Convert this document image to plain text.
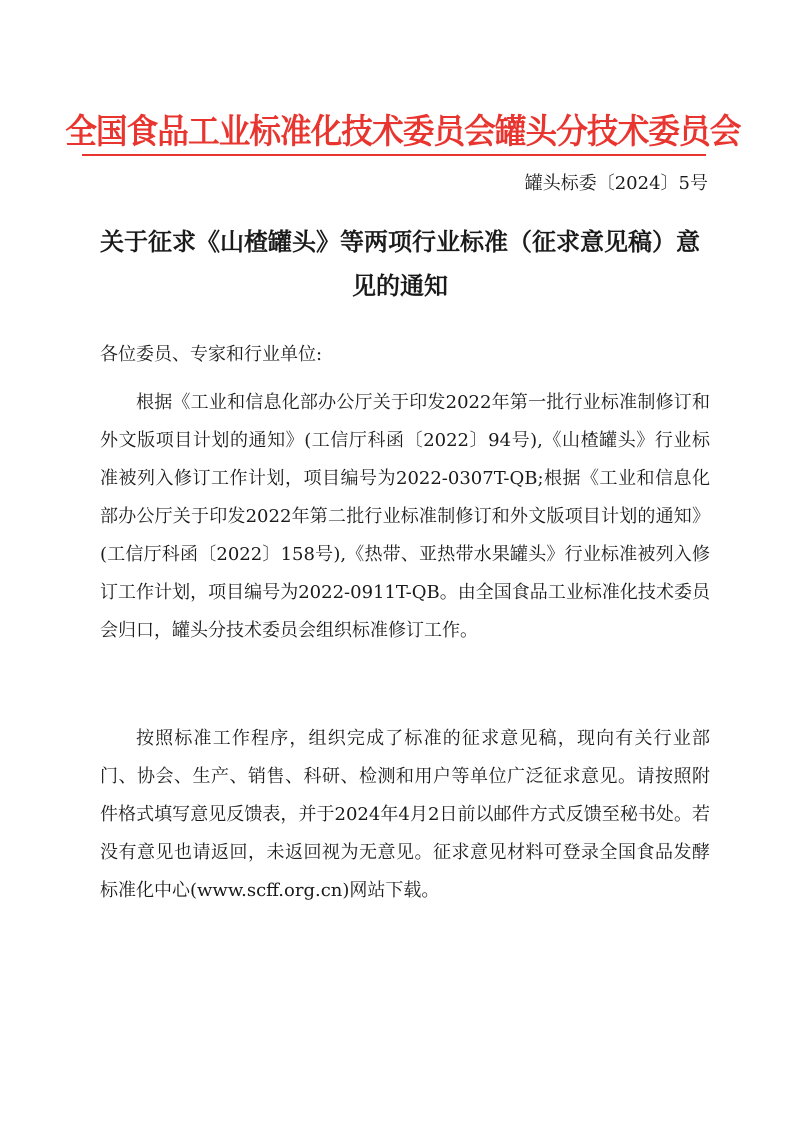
全国食品工业标准化技术委员会罐头分技术委员会
罐头标委〔2024〕5号
关于征求《山楂罐头》等两项行业标准（征求意见稿）意见的通知
各位委员、专家和行业单位:
根据《工业和信息化部办公厅关于印发2022年第一批行业标准制修订和外文版项目计划的通知》(工信厅科函〔2022〕94号),《山楂罐头》行业标准被列入修订工作计划，项目编号为2022-0307T-QB;根据《工业和信息化部办公厅关于印发2022年第二批行业标准制修订和外文版项目计划的通知》(工信厅科函〔2022〕158号),《热带、亚热带水果罐头》行业标准被列入修订工作计划，项目编号为2022-0911T-QB。由全国食品工业标准化技术委员会归口，罐头分技术委员会组织标准修订工作。
按照标准工作程序，组织完成了标准的征求意见稿，现向有关行业部门、协会、生产、销售、科研、检测和用户等单位广泛征求意见。请按照附件格式填写意见反馈表，并于2024年4月2日前以邮件方式反馈至秘书处。若没有意见也请返回，未返回视为无意见。征求意见材料可登录全国食品发酵标准化中心(www.scff.org.cn)网站下载。
